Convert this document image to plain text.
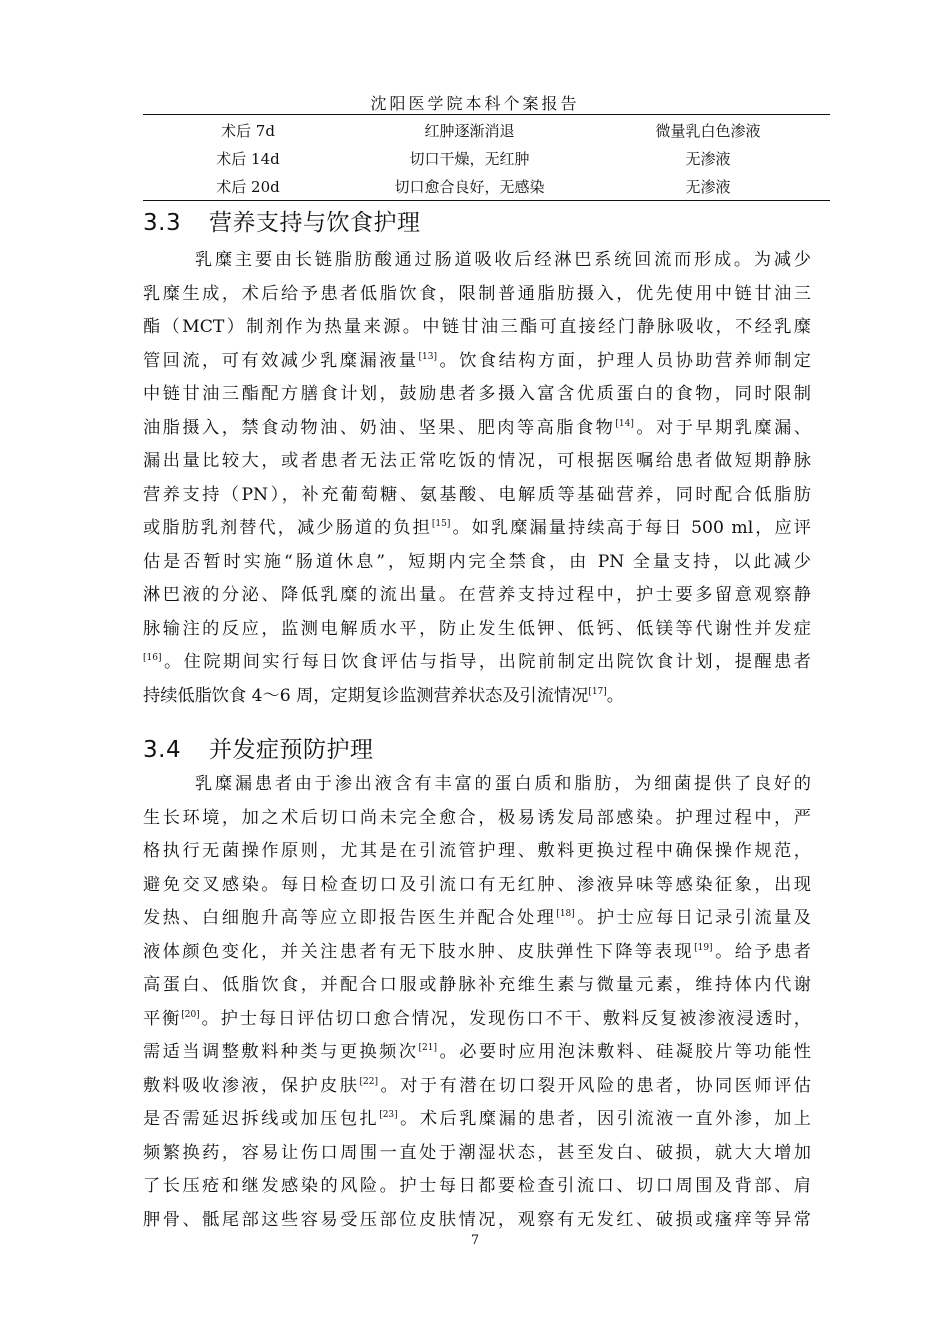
沈阳医学院本科个案报告
术后 7d	红肿逐渐消退	微量乳白色渗液
术后 14d	切口干燥，无红肿	无渗液
术后 20d	切口愈合良好，无感染	无渗液
3.3 营养支持与饮食护理
乳糜主要由长链脂肪酸通过肠道吸收后经淋巴系统回流而形成。为减少
乳糜生成，术后给予患者低脂饮食，限制普通脂肪摄入，优先使用中链甘油三
酯（MCT）制剂作为热量来源。中链甘油三酯可直接经门静脉吸收，不经乳糜
管回流，可有效减少乳糜漏液量[13]。饮食结构方面，护理人员协助营养师制定
中链甘油三酯配方膳食计划，鼓励患者多摄入富含优质蛋白的食物，同时限制
油脂摄入，禁食动物油、奶油、坚果、肥肉等高脂食物[14]。对于早期乳糜漏、
漏出量比较大，或者患者无法正常吃饭的情况，可根据医嘱给患者做短期静脉
营养支持（PN），补充葡萄糖、氨基酸、电解质等基础营养，同时配合低脂肪
或脂肪乳剂替代，减少肠道的负担[15]。如乳糜漏量持续高于每日 500 ml，应评
估是否暂时实施“肠道休息”，短期内完全禁食，由 PN 全量支持，以此减少
淋巴液的分泌、降低乳糜的流出量。在营养支持过程中，护士要多留意观察静
脉输注的反应，监测电解质水平，防止发生低钾、低钙、低镁等代谢性并发症
[16]。住院期间实行每日饮食评估与指导，出院前制定出院饮食计划，提醒患者
持续低脂饮食 4～6 周，定期复诊监测营养状态及引流情况[17]。
3.4 并发症预防护理
乳糜漏患者由于渗出液含有丰富的蛋白质和脂肪，为细菌提供了良好的
生长环境，加之术后切口尚未完全愈合，极易诱发局部感染。护理过程中，严
格执行无菌操作原则，尤其是在引流管护理、敷料更换过程中确保操作规范，
避免交叉感染。每日检查切口及引流口有无红肿、渗液异味等感染征象，出现
发热、白细胞升高等应立即报告医生并配合处理[18]。护士应每日记录引流量及
液体颜色变化，并关注患者有无下肢水肿、皮肤弹性下降等表现[19]。给予患者
高蛋白、低脂饮食，并配合口服或静脉补充维生素与微量元素，维持体内代谢
平衡[20]。护士每日评估切口愈合情况，发现伤口不干、敷料反复被渗液浸透时，
需适当调整敷料种类与更换频次[21]。必要时应用泡沫敷料、硅凝胶片等功能性
敷料吸收渗液，保护皮肤[22]。对于有潜在切口裂开风险的患者，协同医师评估
是否需延迟拆线或加压包扎[23]。术后乳糜漏的患者，因引流液一直外渗，加上
频繁换药，容易让伤口周围一直处于潮湿状态，甚至发白、破损，就大大增加
了长压疮和继发感染的风险。护士每日都要检查引流口、切口周围及背部、肩
胛骨、骶尾部这些容易受压部位皮肤情况，观察有无发红、破损或瘙痒等异常
7
